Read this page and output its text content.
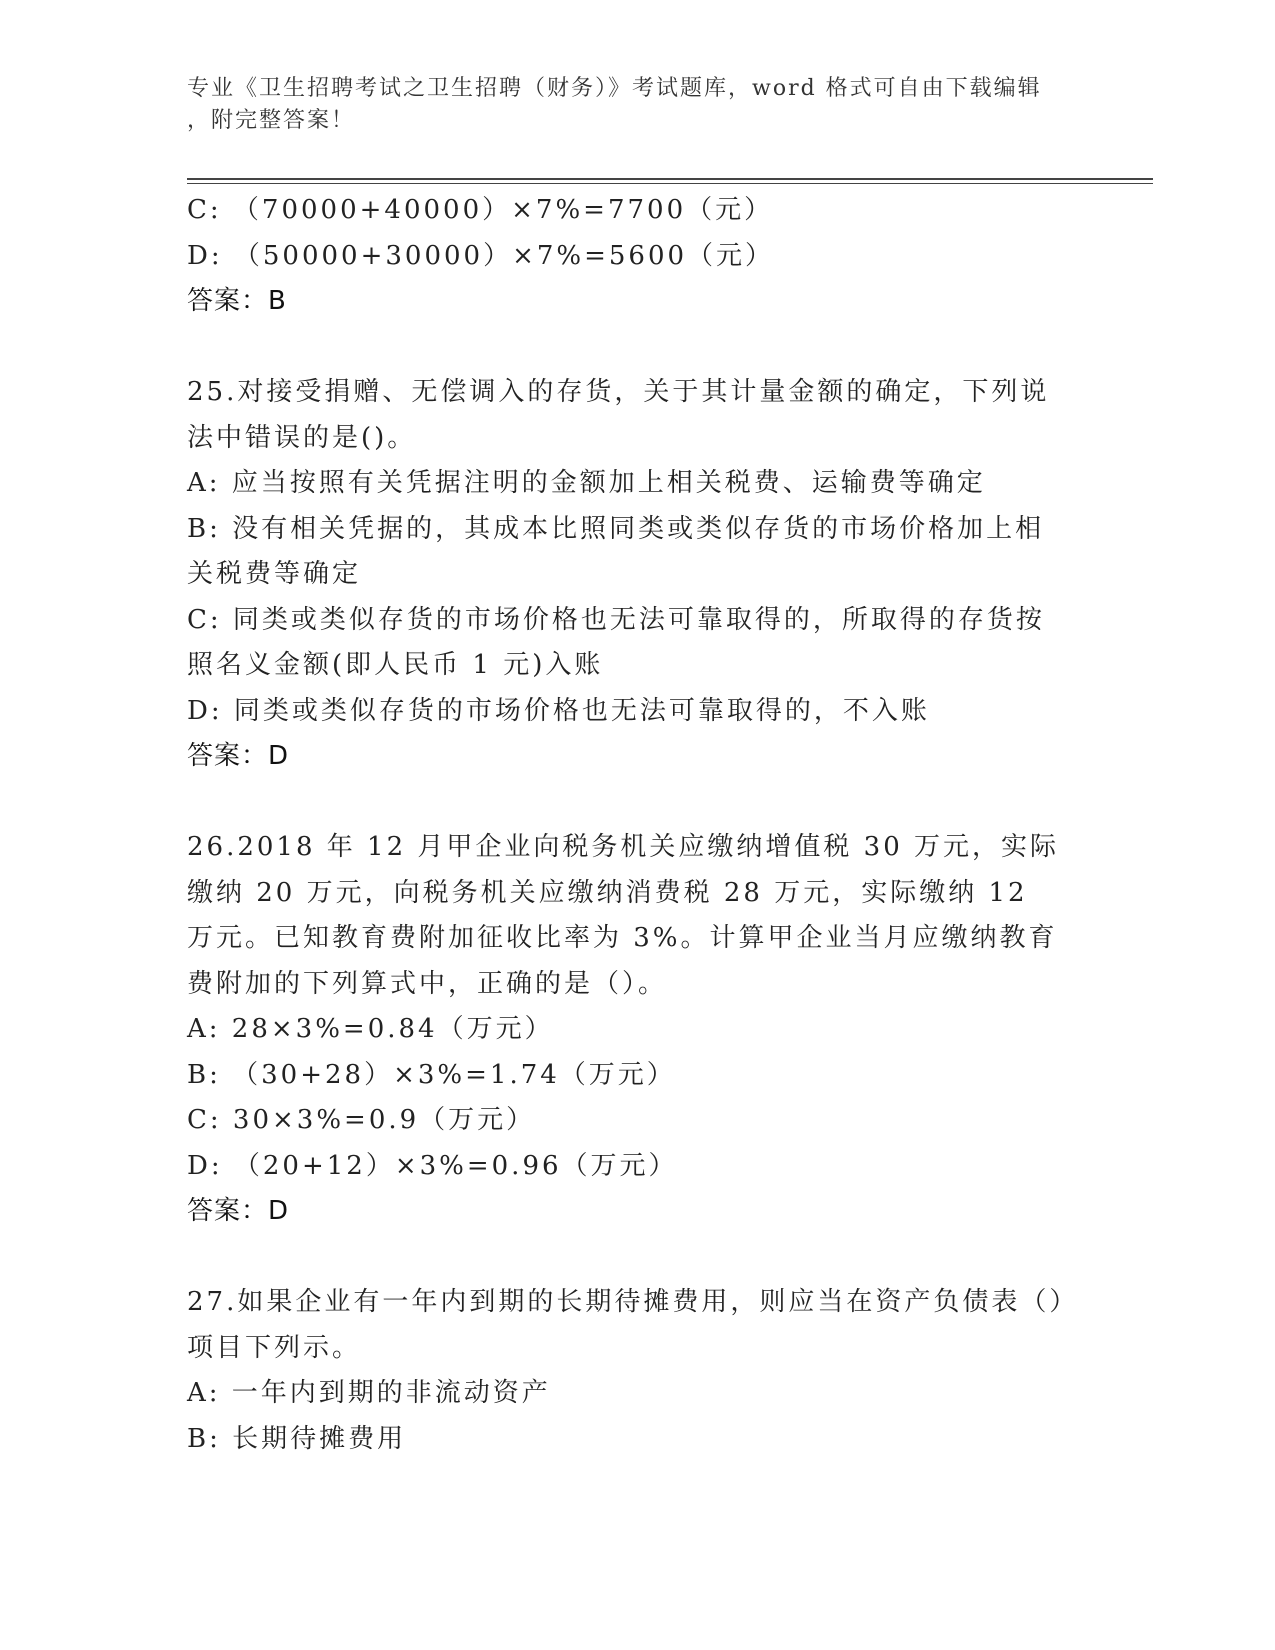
专业《卫生招聘考试之卫生招聘（财务）》考试题库，word 格式可自由下载编辑
，附完整答案！

C: （70000+40000）×7%=7700（元）

D: （50000+30000）×7%=5600（元）

答案：B

25.对接受捐赠、无偿调入的存货，关于其计量金额的确定，下列说法中错误的是()。

A: 应当按照有关凭据注明的金额加上相关税费、运输费等确定

B: 没有相关凭据的，其成本比照同类或类似存货的市场价格加上相关税费等确定

C: 同类或类似存货的市场价格也无法可靠取得的，所取得的存货按照名义金额(即人民币 1 元)入账

D: 同类或类似存货的市场价格也无法可靠取得的，不入账

答案：D

26.2018 年 12 月甲企业向税务机关应缴纳增值税 30 万元，实际缴纳 20 万元，向税务机关应缴纳消费税 28 万元，实际缴纳 12 万元。已知教育费附加征收比率为 3%。计算甲企业当月应缴纳教育费附加的下列算式中，正确的是（）。

A: 28×3%=0.84（万元）

B: （30+28）×3%=1.74（万元）

C: 30×3%=0.9（万元）

D: （20+12）×3%=0.96（万元）

答案：D

27.如果企业有一年内到期的长期待摊费用，则应当在资产负债表（）项目下列示。

A: 一年内到期的非流动资产

B: 长期待摊费用
